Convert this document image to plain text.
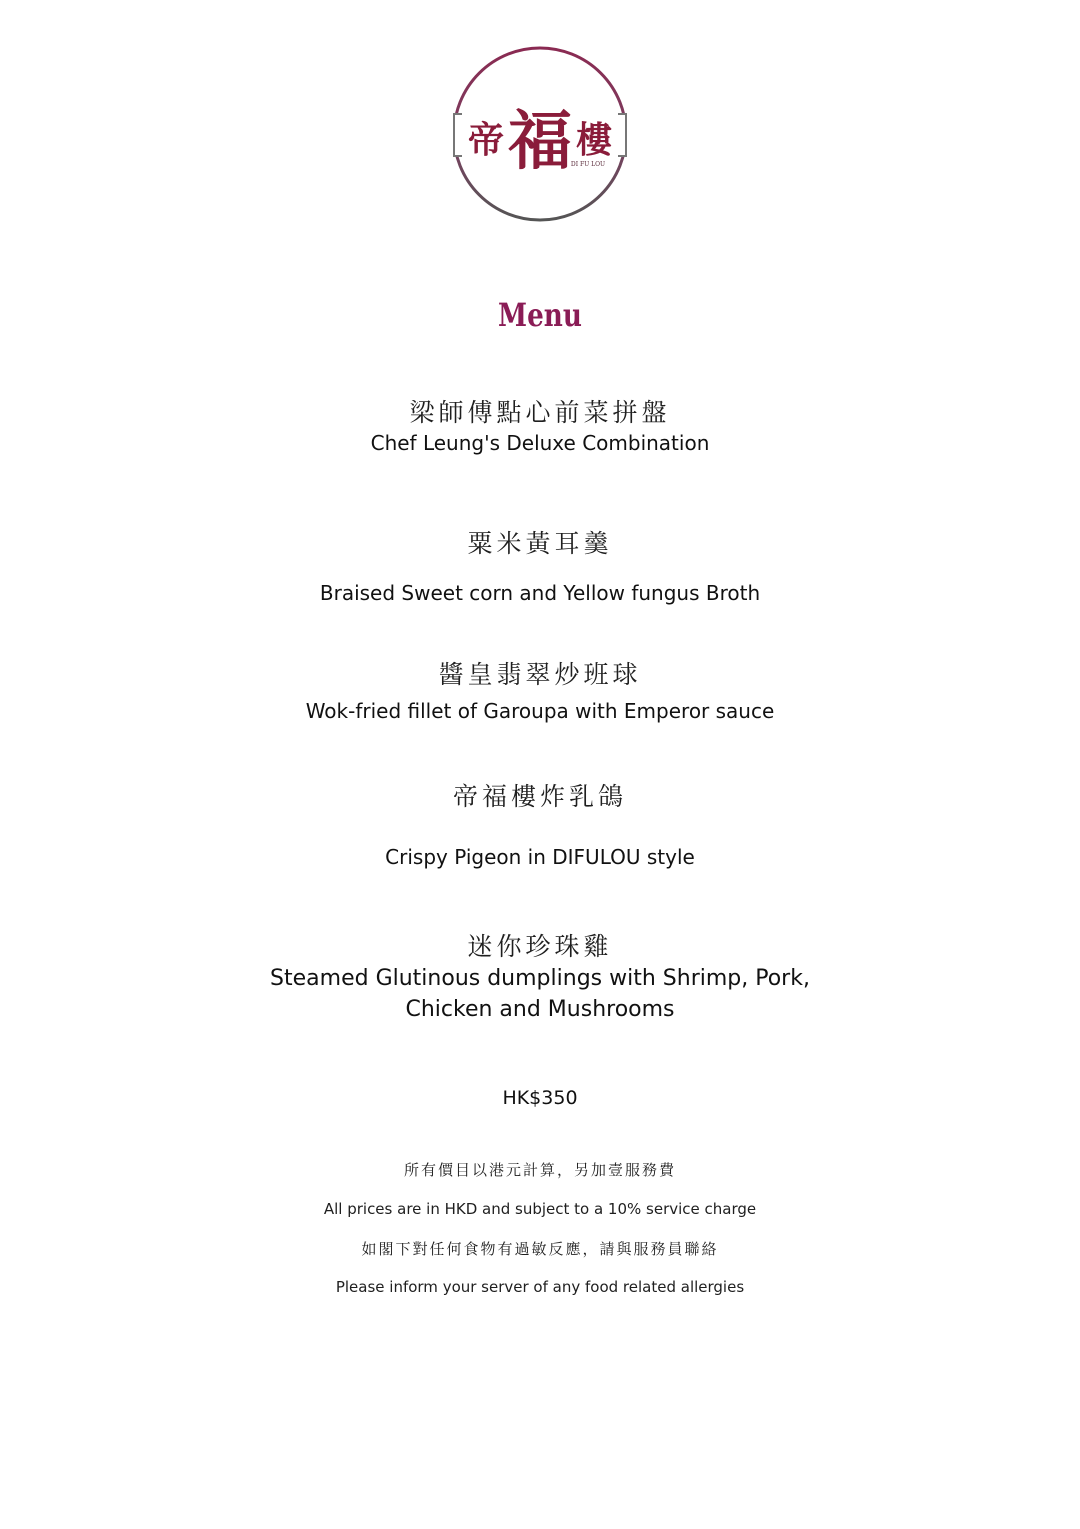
帝 福 樓
DI FU LOU
Menu
梁師傅點心前菜拼盤
Chef Leung's Deluxe Combination
粟米黃耳羹
Braised Sweet corn and Yellow fungus Broth
醬皇翡翠炒班球
Wok-fried fillet of Garoupa with Emperor sauce
帝福樓炸乳鴿
Crispy Pigeon in DIFULOU style
迷你珍珠雞
Steamed Glutinous dumplings with Shrimp, Pork,
Chicken and Mushrooms
HK$350
所有價目以港元計算，另加壹服務費
All prices are in HKD and subject to a 10% service charge
如閣下對任何食物有過敏反應，請與服務員聯絡
Please inform your server of any food related allergies
